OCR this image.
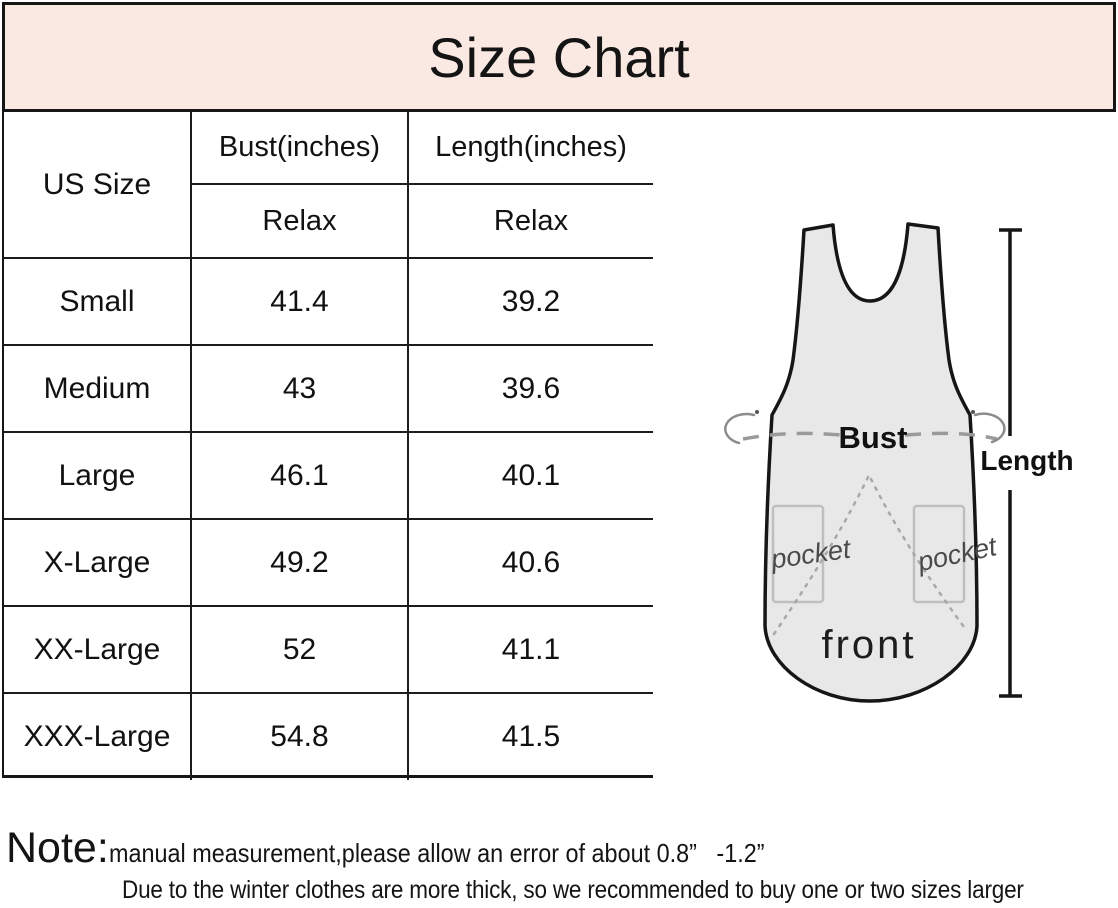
Size Chart
US Size	Bust(inches)	Length(inches)
	Relax	Relax
Small	41.4	39.2
Medium	43	39.6
Large	46.1	40.1
X-Large	49.2	40.6
XX-Large	52	41.1
XXX-Large	54.8	41.5
Bust
Length
pocket pocket
front
Note: manual measurement,please allow an error of about 0.8”   -1.2”
Due to the winter clothes are more thick, so we recommended to buy one or two sizes larger
